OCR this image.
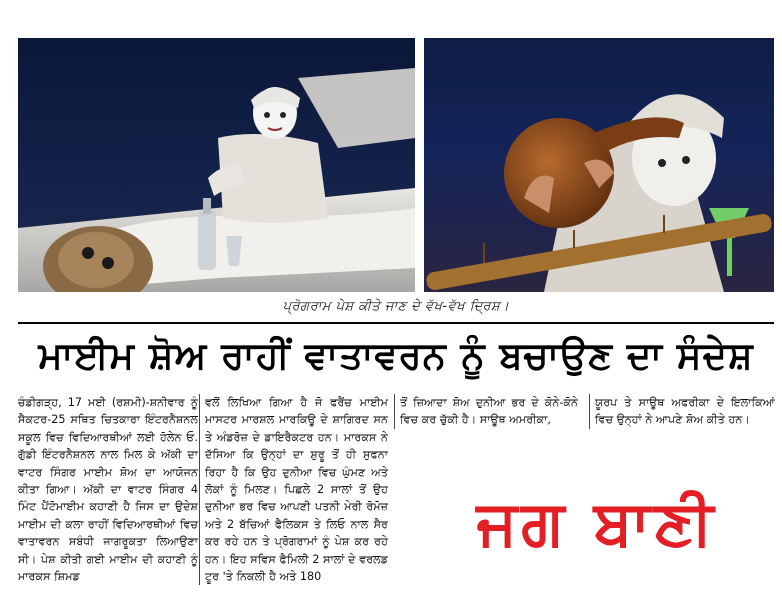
ਪ੍ਰੋਗਰਾਮ ਪੇਸ਼ ਕੀਤੇ ਜਾਣ ਦੇ ਵੱਖ-ਵੱਖ ਦ੍ਰਿਸ਼।
ਮਾਈਮ ਸ਼ੋਅ ਰਾਹੀਂ ਵਾਤਾਵਰਨ ਨੂੰ ਬਚਾਉਣ ਦਾ ਸੰਦੇਸ਼
ਚੰਡੀਗੜ੍ਹ, 17 ਮਈ (ਰਸ਼ਮੀ)-ਸ਼ਨੀਵਾਰ ਨੂੰ ਸੈਕਟਰ-25 ਸਥਿਤ ਚਿਤਕਾਰਾ ਇੰਟਰਨੈਸ਼ਨਲ ਸਕੂਲ ਵਿਚ ਵਿਦਿਆਰਥੀਆਂ ਲਈ ਹੋਲੇਨ ਓ. ਗੁੱਡੀ ਇੰਟਰਨੈਸ਼ਨਲ ਨਾਲ ਮਿਲ ਕੇ ਅੱਕੀ ਦਾ ਵਾਟਰ ਸਿੰਗਰ ਮਾਈਮ ਸ਼ੋਅ ਦਾ ਆਯੋਜਨ ਕੀਤਾ ਗਿਆ। ਅੱਕੀ ਦਾ ਵਾਟਰ ਸਿੰਗਰ 4 ਮਿੰਟ ਪੈਂਟੋਮਾਈਮ ਕਹਾਣੀ ਹੈ ਜਿਸ ਦਾ ਉਦੇਸ਼ ਮਾਈਮ ਦੀ ਕਲਾ ਰਾਹੀਂ ਵਿਦਿਆਰਥੀਆਂ ਵਿਚ ਵਾਤਾਵਰਨ ਸਬੰਧੀ ਜਾਗਰੂਕਤਾ ਲਿਆਉਣਾ ਸੀ। ਪੇਸ਼ ਕੀਤੀ ਗਈ ਮਾਈਮ ਦੀ ਕਹਾਣੀ ਨੂੰ ਮਾਰਕਸ ਸ਼ਿਮਡ
ਵਲੋਂ ਲਿਖਿਆ ਗਿਆ ਹੈ ਜੋ ਫਰੈਂਚ ਮਾਈਮ ਮਾਸਟਰ ਮਾਰਸ਼ਲ ਮਾਰਕਿਊ ਦੇ ਸ਼ਾਗਿਰਦ ਸਨ ਤੇ ਅੰਡਰੋਜ਼ ਦੇ ਡਾਇਰੈਕਟਰ ਹਨ। ਮਾਰਕਸ ਨੇ ਦੱਸਿਆ ਕਿ ਉਨ੍ਹਾਂ ਦਾ ਸ਼ੁਰੂ ਤੋਂ ਹੀ ਸੁਫਨਾ ਰਿਹਾ ਹੈ ਕਿ ਉਹ ਦੁਨੀਆ ਵਿਚ ਘੁੰਮਣ ਅਤੇ ਲੋਕਾਂ ਨੂੰ ਮਿਲਣ। ਪਿਛਲੇ 2 ਸਾਲਾਂ ਤੋਂ ਉਹ ਦੁਨੀਆ ਭਰ ਵਿਚ ਆਪਣੀ ਪਤਨੀ ਮੇਰੀ ਰੋਮੋਜ਼ ਅਤੇ 2 ਬੱਚਿਆਂ ਫੈਲਿਕਸ ਤੇ ਲਿਓ ਨਾਲ ਸੈਰ ਕਰ ਰਹੇ ਹਨ ਤੇ ਪ੍ਰੋਗਰਾਮਾਂ ਨੂੰ ਪੇਸ਼ ਕਰ ਰਹੇ ਹਨ। ਇਹ ਸਵਿਸ ਫੈਮਿਲੀ 2 ਸਾਲਾਂ ਦੇ ਵਰਲਡ ਟੂਰ 'ਤੇ ਨਿਕਲੀ ਹੈ ਅਤੇ 180
ਤੋਂ ਜ਼ਿਆਦਾ ਸ਼ੋਅ ਦੁਨੀਆ ਭਰ ਦੇ ਕੋਨੇ-ਕੋਨੇ ਵਿਚ ਕਰ ਚੁੱਕੀ ਹੈ। ਸਾਊਥ ਅਮਰੀਕਾ,
ਯੂਰਪ ਤੇ ਸਾਊਥ ਅਫਰੀਕਾ ਦੇ ਇਲਾਕਿਆਂ ਵਿਚ ਉਨ੍ਹਾਂ ਨੇ ਆਪਣੇ ਸ਼ੋਅ ਕੀਤੇ ਹਨ।
ਜਗ ਬਾਣੀ
